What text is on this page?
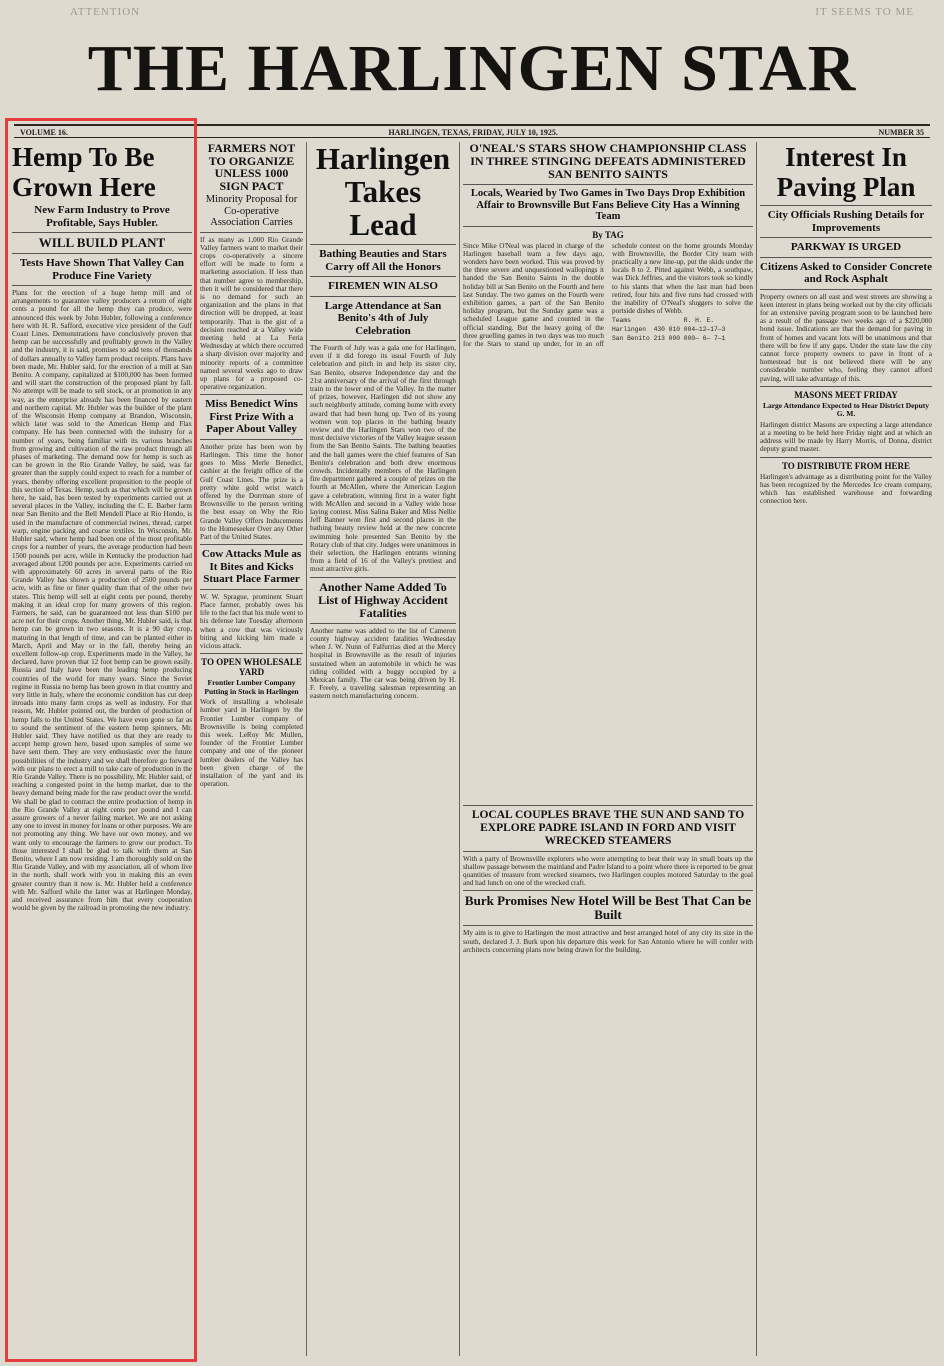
ATTENTION	IT SEEMS TO ME
THE HARLINGEN STAR
VOLUME 16.	HARLINGEN, TEXAS, FRIDAY, JULY 10, 1925.	NUMBER 35
Hemp To Be Grown Here
New Farm Industry to Prove Profitable, Says Hubler.
WILL BUILD PLANT
Tests Have Shown That Valley Can Produce Fine Variety
Plans for the erection of a huge hemp mill and of arrangements to guarantee valley producers a return of eight cents a pound for all the hemp they can produce, were announced this week by John Hubler, following a conference here with H. R. Safford, executive vice president of the Gulf Coast Lines. Demonstrations have conclusively proven that hemp can be successfully and profitably grown in the Valley and the industry, it is said, promises to add tens of thousands of dollars annually to Valley farm product receipts. Plans have been made, Mr. Hubler said, for the erection of a mill at San Benito. A company, capitalized at $100,000 has been formed and will start the construction of the proposed plant by fall. No attempt will be made to sell stock, or at promotion in any way, as the enterprise already has been financed by eastern and northern capital. Mr. Hubler was the builder of the plant of the Wisconsin Hemp company at Brandon, Wisconsin, which later was sold to the American Hemp and Flax company. He has been connected with the industry for a number of years, being familiar with its various branches from growing and cultivation of the raw product through all phases of marketing. The demand now for hemp is such as can be grown in the Rio Grande Valley, he said, was far greater than the supply could expect to reach for a number of years, thereby offering excellent proposition to the people of this section of Texas. Hemp, such as that which will be grown here, he said, has been tested by experiments carried out at several places in the Valley, including the C. E. Barber farm near San Benito and the Bell Mendell Place at Rio Hondo, is used in the manufacture of commercial twines, thread, carpet warp, engine packing and coarse textiles. In Wisconsin, Mr. Hubler said, where hemp had been one of the most profitable crops for a number of years, the average production had been 1500 pounds per acre, while in Kentucky the production had averaged about 1200 pounds per acre. Experiments carried on with approximately 60 acres in several parts of the Rio Grande Valley has shown a production of 2500 pounds per acre, with as fine or finer quality than that of the other two states. This hemp will sell at eight cents per pound, thereby making it an ideal crop for many growers of this region. Farmers, he said, can be guaranteed not less than $100 per acre net for their crops. Another thing, Mr. Hubler said, is that hemp can be grown in two seasons. It is a 90 day crop, maturing in that length of time, and can be planted either in March, April and May or in the fall, thereby being an excellent follow-up crop. Experiments made in the Valley, he declared, have proven that 12 foot hemp can be grown easily. Russia and Italy have been the leading hemp producing countries of the world for many years. Since the Soviet regime in Russia no hemp has been grown in that country and very little in Italy, where the economic condition has cut deep inroads into many farm crops as well as industry. For that reason, Mr. Hubler pointed out, the burden of production of hemp falls to the United States. We have even gone so far as to sound the sentiment of the eastern hemp spinners, Mr. Hubler said. They have notified us that they are ready to accept hemp grown here, based upon samples of some we have sent them. They are very enthusiastic over the future possibilities of the industry and we shall therefore go forward with our plans to erect a mill to take care of production in the Rio Grande Valley. There is no possibility, Mr. Hubler said, of reaching a congested point in the hemp market, due to the heavy demand being made for the raw product over the world. We shall be glad to contract the entire production of hemp in the Rio Grande Valley at eight cents per pound and I can assure growers of a never failing market. We are not asking any one to invest in money for loans or other purposes. We are not promoting any thing. We have our own money, and we want only to encourage the farmers to grow our product. To those interested I shall be glad to talk with them at San Benito, where I am now residing. I am thoroughly sold on the Rio Grande Valley, and with my association, all of whom live in the north, shall work with you in making this an even greater country than it now is. Mr. Hubler held a conference with Mr. Safford while the latter was at Harlingen Monday, and received assurance from him that every cooperation would be given by the railroad in promoting the new industry.
FARMERS NOT TO ORGANIZE UNLESS 1000 SIGN PACT
Minority Proposal for Co-operative Association Carries
If as many as 1,000 Rio Grande Valley farmers want to market their crops co-operatively a sincere effort will be made to form a marketing association. If less than that number agree to membership, then it will be considered that there is no demand for such an organization and the plans in that direction will be dropped, at least temporarily. That is the gist of a decision reached at a Valley wide meeting held at La Feria Wednesday at which there occurred a sharp division over majority and minority reports of a committee named several weeks ago to draw up plans for a proposed co-operative organization.
Miss Benedict Wins First Prize With a Paper About Valley
Another prize has been won by Harlingen. This time the honor goes to Miss Merle Benedict, cashier at the freight office of the Gulf Coast Lines. The prize is a pretty white gold wrist watch offered by the Dorrman store of Brownsville to the person writing the best essay on Why the Rio Grande Valley Offers Inducements to the Homeseeker Over any Other Part of the United States.
Cow Attacks Mule as It Bites and Kicks Stuart Place Farmer
W. W. Sprague, prominent Stuart Place farmer, probably owes his life to the fact that his mule went to his defense late Tuesday afternoon when a cow that was viciously biting and kicking him made a vicious attack.
TO OPEN WHOLESALE YARD
Frontier Lumber Company Putting in Stock in Harlingen
Work of installing a wholesale lumber yard in Harlingen by the Frontier Lumber company of Brownsville is being completed this week. LeRoy Mc Mullen, founder of the Frontier Lumber company and one of the pioneer lumber dealers of the Valley has been given charge of the installation of the yard and its operation.
Harlingen Takes Lead
Bathing Beauties and Stars Carry off All the Honors
FIREMEN WIN ALSO
Large Attendance at San Benito's 4th of July Celebration
The Fourth of July was a gala one for Harlingen, even if it did forego its usual Fourth of July celebration and pitch in and help its sister city, San Benito, observe Independence day and the 21st anniversary of the arrival of the first through train to the lower end of the Valley. In the matter of prizes, however, Harlingen did not show any such neighborly attitude, coming home with every award that had been hung up. Two of its young women won top places in the bathing beauty review and the Harlingen Stars won two of the most decisive victories of the Valley league season from the San Benito Saints. The bathing beauties and the ball games were the chief features of San Benito's celebration and both drew enormous crowds. Incidentally members of the Harlingen fire department gathered a couple of prizes on the fourth at McAllen, where the American Legion gave a celebration, winning first in a water fight with McAllen and second in a Valley wide hose laying contest. Miss Salina Baker and Miss Nellie Jeff Banner won first and second places in the bathing beauty review held at the new concrete swimming hole presented San Benito by the Rotary club of that city. Judges were unanimous in their selection, the Harlingen entrants winning from a field of 16 of the Valley's prettiest and most attractive girls.
Another Name Added To List of Highway Accident Fatalities
Another name was added to the list of Cameron county highway accident fatalities Wednesday when J. W. Nunn of Falfurrias died at the Mercy hospital in Brownsville as the result of injuries sustained when an automobile in which he was riding collided with a buggy occupied by a Mexican family. The car was being driven by H. F. Freely, a traveling salesman representing an eastern notch manufacturing concern.
O'NEAL'S STARS SHOW CHAMPIONSHIP CLASS IN THREE STINGING DEFEATS ADMINISTERED SAN BENITO SAINTS
Locals, Wearied by Two Games in Two Days Drop Exhibition Affair to Brownsville But Fans Believe City Has a Winning Team
By TAG
Since Mike O'Neal was placed in charge of the Harlingen baseball team a few days ago, wonders have been worked. This was proved by the three severe and unquestioned wallopings it handed the San Benito Saints in the double holiday bill at San Benito on the Fourth and here last Sunday. The two games on the Fourth were exhibition games, a part of the San Benito holiday program, but the Sunday game was a scheduled League game and counted in the official standing. But the heavy going of the three gruelling games in two days was too much for the Stars to stand up under, for in an off schedule contest on the home grounds Monday with Brownsville, the Border City team with practically a new line-up, put the skids under the locals 8 to 2. Pitted against Webb, a southpaw, was Dick Jeffries, and the visitors took so kindly to his slants that when the last man had been retired, four hits and five runs had crossed with the inability of O'Neal's sluggers to solve the portside dishes of Webb.
Teams              R. H. E.
Harlingen  430 010 004—12—17—3
San Benito 213 000 000— 6— 7—1
LOCAL COUPLES BRAVE THE SUN AND SAND TO EXPLORE PADRE ISLAND IN FORD AND VISIT WRECKED STEAMERS
With a party of Brownsville explorers who were attempting to beat their way in small boats up the shallow passage between the mainland and Padre Island to a point where there is reported to be great quantities of treasure from wrecked steamers, two Harlingen couples motored Saturday to the goal and had lunch on one of the wrecked craft.
Burk Promises New Hotel Will be Best That Can be Built
My aim is to give to Harlingen the most attractive and best arranged hotel of any city its size in the south, declared J. J. Burk upon his departure this week for San Antonio where he will confer with architects concerning plans now being drawn for the building.
Interest In Paving Plan
City Officials Rushing Details for Improvements
PARKWAY IS URGED
Citizens Asked to Consider Concrete and Rock Asphalt
Property owners on all east and west streets are showing a keen interest in plans being worked out by the city officials for an extensive paving program soon to be launched here as a result of the passage two weeks ago of a $220,000 bond issue. Indications are that the demand for paving in front of homes and vacant lots will be unanimous and that there will be few if any gaps. Under the state law the city cannot force property owners to pave in front of a homestead but is not believed there will be any considerable number who, feeling they cannot afford paving, will take advantage of this.
MASONS MEET FRIDAY
Large Attendance Expected to Hear District Deputy G. M.
Harlingen district Masons are expecting a large attendance at a meeting to be held here Friday night and at which an address will be made by Harry Morris, of Donna, district deputy grand master.
TO DISTRIBUTE FROM HERE
Harlingen's advantage as a distributing point for the Valley has been recognized by the Mercedes Ice cream company, which has established warehouse and forwarding connection here.
